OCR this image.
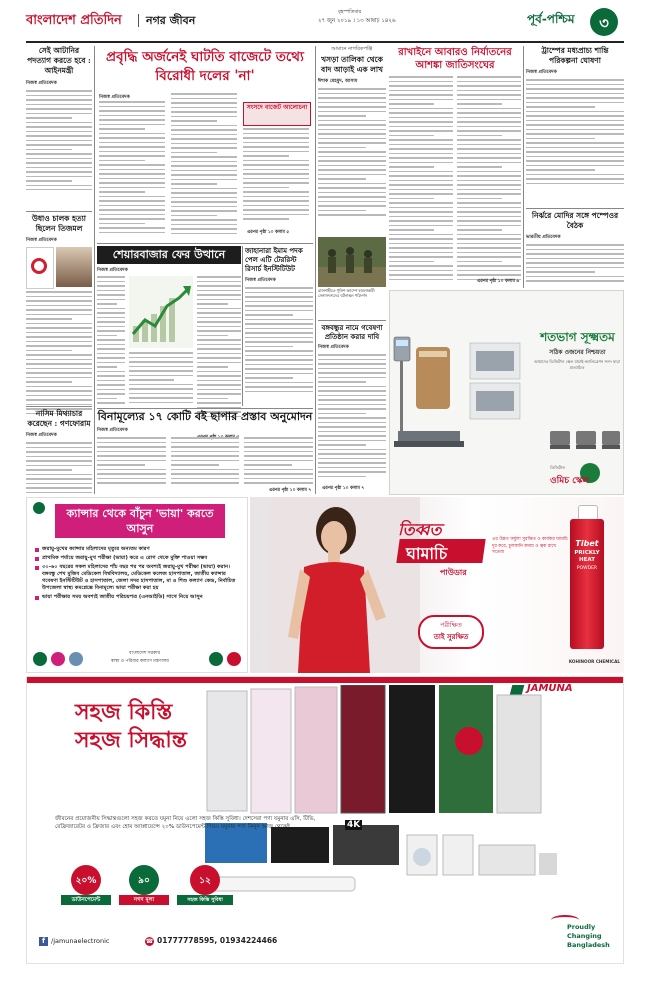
বাংলাদেশ প্রতিদিন নগর জীবন
বৃহস্পতিবার
২৭ জুন ২০১৯ । ১৩ আষাঢ় ১৪২৬	পূর্ব-পশ্চিম	৩
সেই আটানির পদত্যাগ করতে হবে : আইনমন্ত্রী
নিজস্ব প্রতিবেদক
উধাও চালক হত্যা ছিলেন তিজমল
নিজস্ব প্রতিবেদক
নাসিম মিথ্যাচার করেছেন : গণফোরাম
নিজস্ব প্রতিবেদক
প্রবৃদ্ধি অর্জনেই ঘাটতি বাজেটে তথ্যে বিরোধী দলের 'না'
নিজস্ব প্রতিবেদক
সংসদে বাজেট আলোচনা
এরপর পৃষ্ঠা ১০ কলাম ৫
শেয়ারবাজার ফের উত্থানে
নিজস্ব প্রতিবেদক
জাহানারা ইমাম পদক পেল এটি টেররিস্ট রিসার্চ ইনস্টিটিউট
নিজস্ব প্রতিবেদক
বিনামূল্যের ১৭ কোটি বই ছাপার প্রস্তাব অনুমোদন
নিজস্ব প্রতিবেদক
এরপর পৃষ্ঠা ১০ কলাম ৭
আমানে নাগরিকপঞ্জি
খসড়া তালিকা থেকে বাদ আড়াই এক লাখ
ঈশাক মেহমুদ, আসাম
রাজশাহীতে পুলিশ ক্যাম্পে হামলাকারী সেনাসদস্যদের ঘটনাস্থল পরিদর্শন
রাখাইনে আবারও নির্যাতনের আশঙ্কা জাতিসংঘের
এরপর পৃষ্ঠা ১০ কলাম ৬
বঙ্গবন্ধুর নামে গবেষণা প্রতিষ্ঠান করার দাবি
নিজস্ব প্রতিবেদক
এরপর পৃষ্ঠা ১০ কলাম ৭
ট্রাম্পের মধ্যপ্রাচ্য শান্তি পরিকল্পনা ঘোষণা
নিজস্ব প্রতিবেদক
নির্ঝরে মোদির সঙ্গে পম্পেওর বৈঠক
ভারতীয় প্রতিবেদক
শতভাগ সূক্ষ্মতম
সঠিক ওজনের নিশ্চয়তা
আমাদের ডিজিটাল স্কেল যাচাই-ক্যালিব্রেশন সনদ দ্বারা প্রত্যায়িত
ডিজিটাল
ওমিচ স্কেল
ক্যান্সার থেকে বাঁচুন 'ভায়া' করতে আসুন
জরায়ু-মুখের ক্যান্সার মহিলাদের মৃত্যুর অন্যতম কারণ
প্রাথমিক পর্যায়ে জরায়ু-মুখ পরীক্ষা (ভায়া) করে এ রোগ থেকে মুক্তি পাওয়া সম্ভব
৩০-৬০ বছরের সকল মহিলাদের পাঁচ বছর পর পর অবশ্যই জরায়ু-মুখ পরীক্ষা (ভায়া) করান। বঙ্গবন্ধু শেখ মুজিব মেডিকেল বিশ্ববিদ্যালয়, মেডিকেল কলেজ হাসপাতাল, জাতীয় ক্যান্সার গবেষণা ইনস্টিটিউট ও হাসপাতাল, জেলা সদর হাসপাতাল, মা ও শিশু কল্যাণ কেন্দ্র, নির্বাচিত উপজেলা স্বাস্থ্য কমপ্লেক্সে বিনামূল্যে ভায়া পরীক্ষা করা হয়
ভায়া পরীক্ষার সময় অবশ্যই জাতীয় পরিচয়পত্র (এনআইডি) সাথে নিয়ে আসুন
বাংলাদেশ সরকার
স্বাস্থ্য ও পরিবার কল্যাণ মন্ত্রণালয়
তিব্বত
ঘামাচি
পাউডার
এর উন্নত ফর্মুলা সুরক্ষিত ও কার্যকর ঘামাচি দূর করে, চুলকানি কমায় ও ত্বক রাখে সতেজ
পরীক্ষিত
তাই সুরক্ষিত
Tibet
PRICKLY HEAT
POWDER
KOHINOOR CHEMICAL
JAMUNA
সহজ কিস্তি
সহজ সিদ্ধান্ত
4K
জীবনের প্রয়োজনীয় সিদ্ধান্তগুলো সহজ করতে যমুনা নিয়ে এলো সহজ কিস্তি সুবিধা। দেশসেরা পণ্য যমুনার এসি, টিভি, রেফ্রিজারেটর ও ফ্রিজার এবং হোম অ্যাপ্লায়েন্সে ২০% ডাউনপেমেন্ট দিয়ে। যমুনার পণ্য কিনুন আজ থেকেই
২০%
ডাউনপেমেন্ট
৯০
নগদ মূল্য
১২
সহজ কিস্তি সুবিধা
f /jamunaelectronic	☎ 01777778595, 01934224466
Proudly
Changing
Bangladesh
